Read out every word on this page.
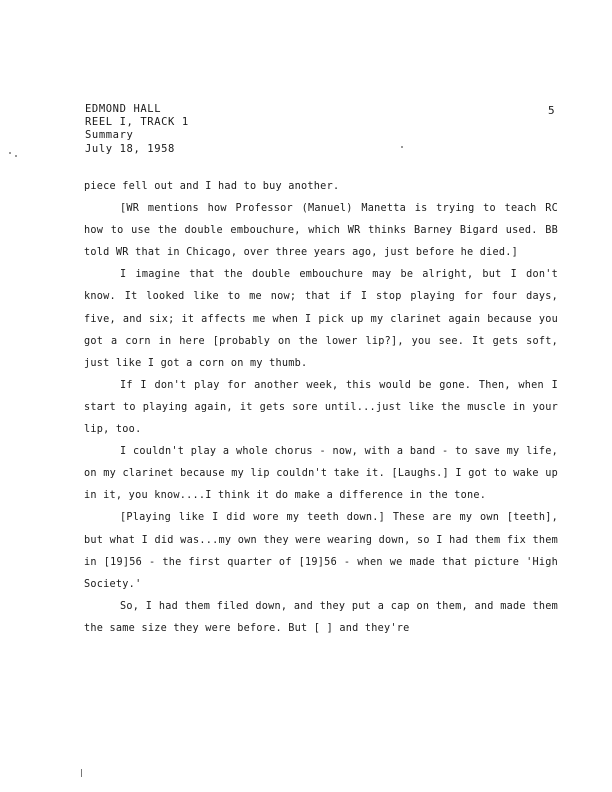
EDMOND HALL
REEL I, TRACK 1
Summary
July 18, 1958
5

piece fell out and I had to buy another.

[WR mentions how Professor (Manuel) Manetta is trying to teach RC how to use the double embouchure, which WR thinks Barney Bigard used. BB told WR that in Chicago, over three years ago, just before he died.]

I imagine that the double embouchure may be alright, but I don't know. It looked like to me now; that if I stop playing for four days, five, and six; it affects me when I pick up my clarinet again because you got a corn in here [probably on the lower lip?], you see. It gets soft, just like I got a corn on my thumb.

If I don't play for another week, this would be gone. Then, when I start to playing again, it gets sore until...just like the muscle in your lip, too.

I couldn't play a whole chorus - now, with a band - to save my life, on my clarinet because my lip couldn't take it. [Laughs.] I got to wake up in it, you know....I think it do make a difference in the tone.

[Playing like I did wore my teeth down.] These are my own [teeth], but what I did was...my own they were wearing down, so I had them fix them in [19]56 - the first quarter of [19]56 - when we made that picture 'High Society.'

So, I had them filed down, and they put a cap on them, and made them the same size they were before. But [ ] and they're
